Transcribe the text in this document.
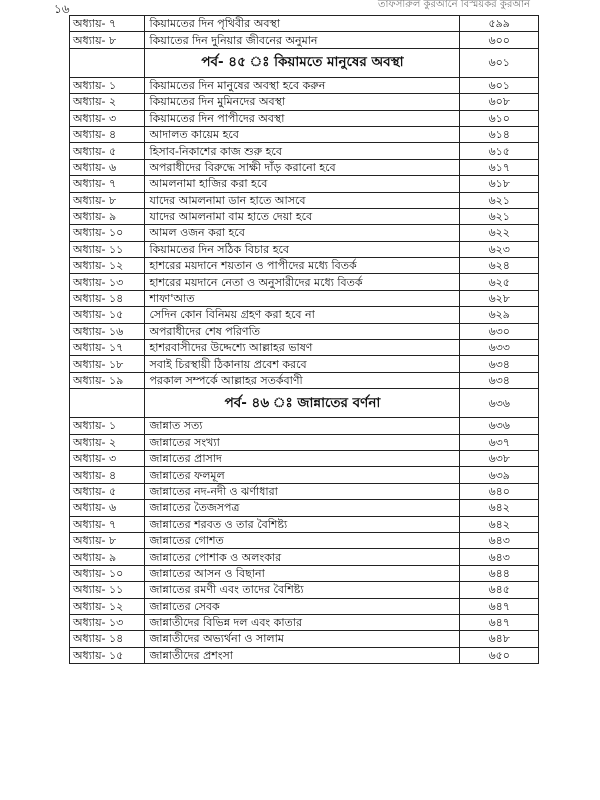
১৬	তাফসীরুল কুরআনে বিস্ময়কর কুরআন
অধ্যায়- ৭	কিয়ামতের দিন পৃথিবীর অবস্থা	৫৯৯
অধ্যায়- ৮	কিয়াতের দিন দুনিয়ার জীবনের অনুমান	৬০০
	পর্ব- ৪৫ ঃ কিয়ামতে মানুষের অবস্থা	৬০১
অধ্যায়- ১	কিয়ামতের দিন মানুষের অবস্থা হবে করুন	৬০১
অধ্যায়- ২	কিয়ামতের দিন মুমিনদের অবস্থা	৬০৮
অধ্যায়- ৩	কিয়ামতের দিন পাপীদের অবস্থা	৬১০
অধ্যায়- ৪	আদালত কায়েম হবে	৬১৪
অধ্যায়- ৫	হিসাব-নিকাশের কাজ শুরু হবে	৬১৫
অধ্যায়- ৬	অপরাধীদের বিরুদ্ধে সাক্ষী দাঁড় করানো হবে	৬১৭
অধ্যায়- ৭	আমলনামা হাজির করা হবে	৬১৮
অধ্যায়- ৮	যাদের আমলনামা ডান হাতে আসবে	৬২১
অধ্যায়- ৯	যাদের আমলনামা বাম হাতে দেয়া হবে	৬২১
অধ্যায়- ১০	আমল ওজন করা হবে	৬২২
অধ্যায়- ১১	কিয়ামতের দিন সঠিক বিচার হবে	৬২৩
অধ্যায়- ১২	হাশরের ময়দানে শয়তান ও পাপীদের মধ্যে বিতর্ক	৬২৪
অধ্যায়- ১৩	হাশরের ময়দানে নেতা ও অনুসারীদের মধ্যে বিতর্ক	৬২৫
অধ্যায়- ১৪	শাফা'আত	৬২৮
অধ্যায়- ১৫	সেদিন কোন বিনিময় গ্রহণ করা হবে না	৬২৯
অধ্যায়- ১৬	অপরাধীদের শেষ পরিণতি	৬৩০
অধ্যায়- ১৭	হাশরবাসীদের উদ্দেশ্যে আল্লাহর ভাষণ	৬৩৩
অধ্যায়- ১৮	সবাই চিরস্থায়ী ঠিকানায় প্রবেশ করবে	৬৩৪
অধ্যায়- ১৯	পরকাল সম্পর্কে আল্লাহর সতর্কবাণী	৬৩৪
	পর্ব- ৪৬ ঃ জান্নাতের বর্ণনা	৬৩৬
অধ্যায়- ১	জান্নাত সত্য	৬৩৬
অধ্যায়- ২	জান্নাতের সংখ্যা	৬৩৭
অধ্যায়- ৩	জান্নাতের প্রাসাদ	৬৩৮
অধ্যায়- ৪	জান্নাতের ফলমূল	৬৩৯
অধ্যায়- ৫	জান্নাতের নদ-নদী ও ঝর্ণাধারা	৬৪০
অধ্যায়- ৬	জান্নাতের তৈজসপত্র	৬৪২
অধ্যায়- ৭	জান্নাতের শরবত ও তার বৈশিষ্ট্য	৬৪২
অধ্যায়- ৮	জান্নাতের গোশত	৬৪৩
অধ্যায়- ৯	জান্নাতের পোশাক ও অলংকার	৬৪৩
অধ্যায়- ১০	জান্নাতের আসন ও বিছানা	৬৪৪
অধ্যায়- ১১	জান্নাতের রমণী এবং তাদের বৈশিষ্ট্য	৬৪৫
অধ্যায়- ১২	জান্নাতের সেবক	৬৪৭
অধ্যায়- ১৩	জান্নাতীদের বিভিন্ন দল এবং কাতার	৬৪৭
অধ্যায়- ১৪	জান্নাতীদের অভ্যর্থনা ও সালাম	৬৪৮
অধ্যায়- ১৫	জান্নাতীদের প্রশংসা	৬৫০
